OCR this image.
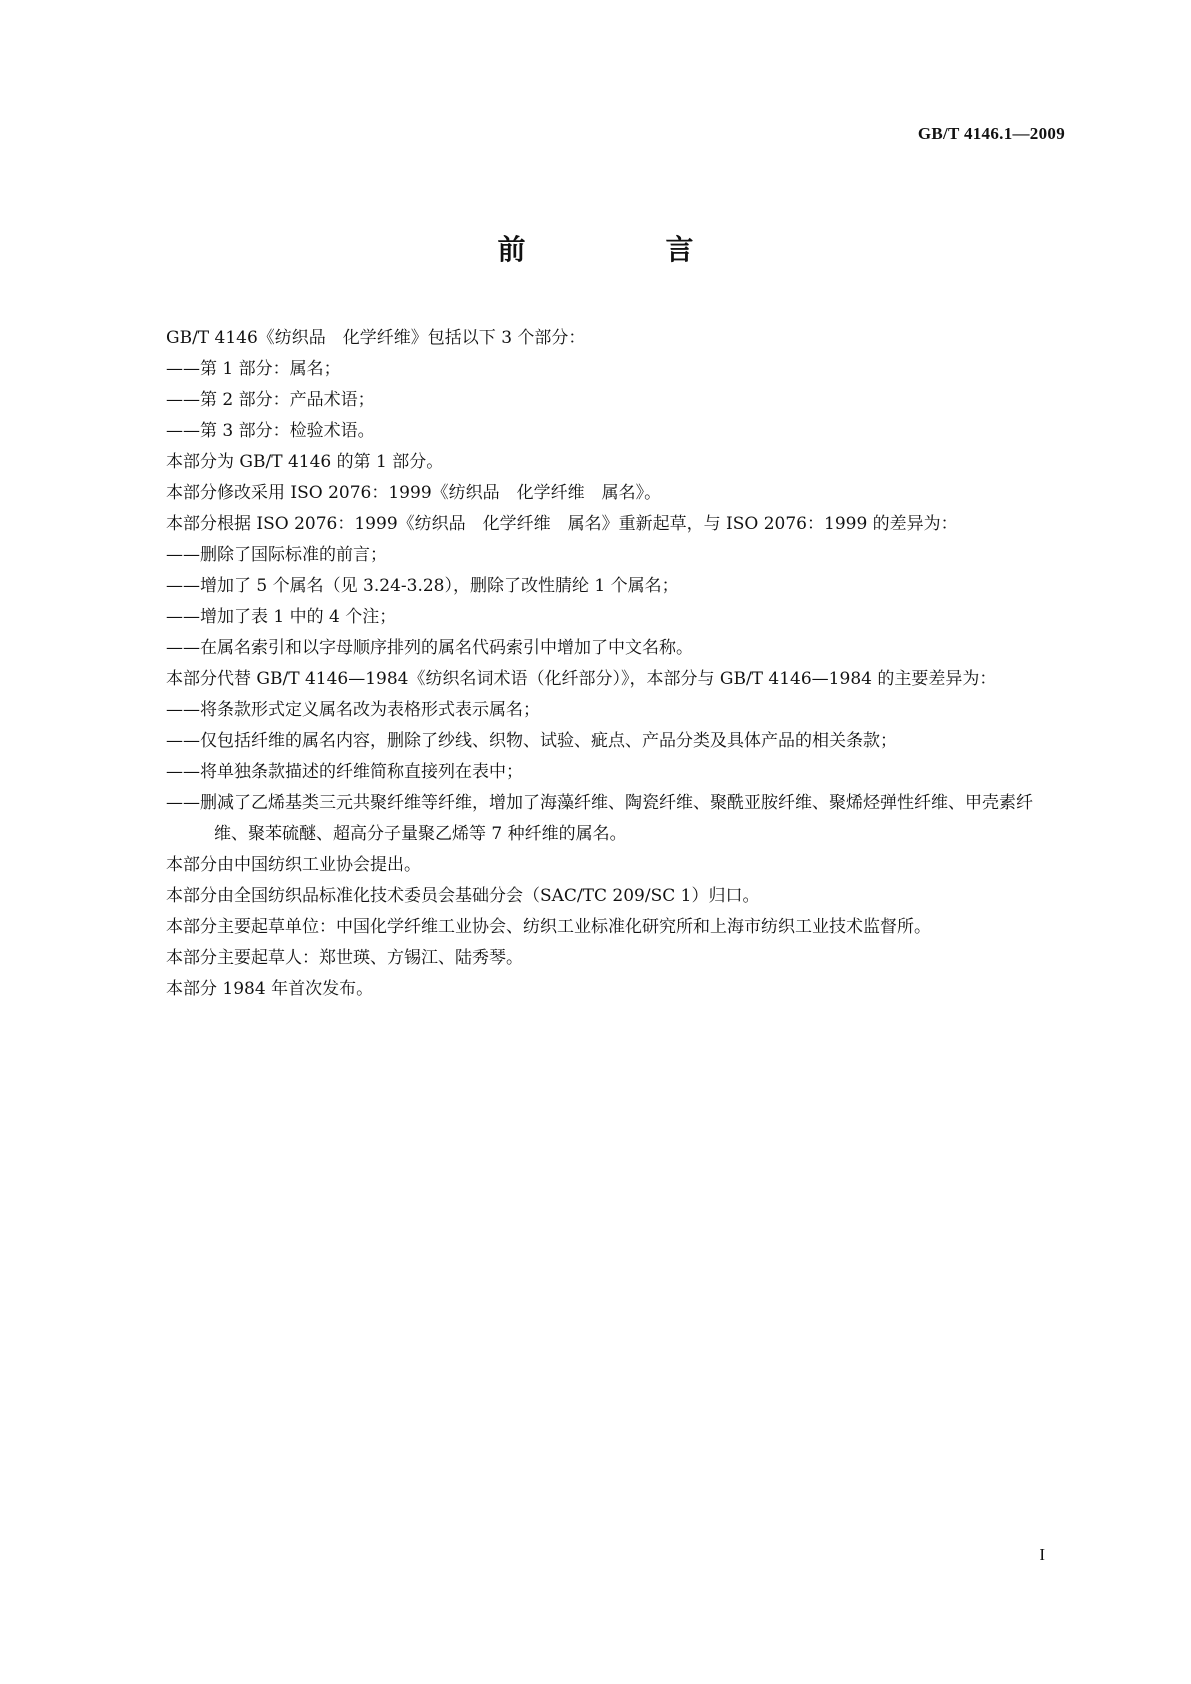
GB/T 4146.1—2009
前　言

GB/T 4146《纺织品　化学纤维》包括以下 3 个部分：

——第 1 部分：属名；

——第 2 部分：产品术语；

——第 3 部分：检验术语。

本部分为 GB/T 4146 的第 1 部分。

本部分修改采用 ISO 2076：1999《纺织品　化学纤维　属名》。

本部分根据 ISO 2076：1999《纺织品　化学纤维　属名》重新起草，与 ISO 2076：1999 的差异为：

——删除了国际标准的前言；

——增加了 5 个属名（见 3.24-3.28），删除了改性腈纶 1 个属名；

——增加了表 1 中的 4 个注；

——在属名索引和以字母顺序排列的属名代码索引中增加了中文名称。

本部分代替 GB/T 4146—1984《纺织名词术语（化纤部分）》，本部分与 GB/T 4146—1984 的主要差异为：

——将条款形式定义属名改为表格形式表示属名；

——仅包括纤维的属名内容，删除了纱线、织物、试验、疵点、产品分类及具体产品的相关条款；

——将单独条款描述的纤维简称直接列在表中；

——删减了乙烯基类三元共聚纤维等纤维，增加了海藻纤维、陶瓷纤维、聚酰亚胺纤维、聚烯烃弹性纤维、甲壳素纤维、聚苯硫醚、超高分子量聚乙烯等 7 种纤维的属名。

本部分由中国纺织工业协会提出。

本部分由全国纺织品标准化技术委员会基础分会（SAC/TC 209/SC 1）归口。

本部分主要起草单位：中国化学纤维工业协会、纺织工业标准化研究所和上海市纺织工业技术监督所。

本部分主要起草人：郑世瑛、方锡江、陆秀琴。

本部分 1984 年首次发布。

I
